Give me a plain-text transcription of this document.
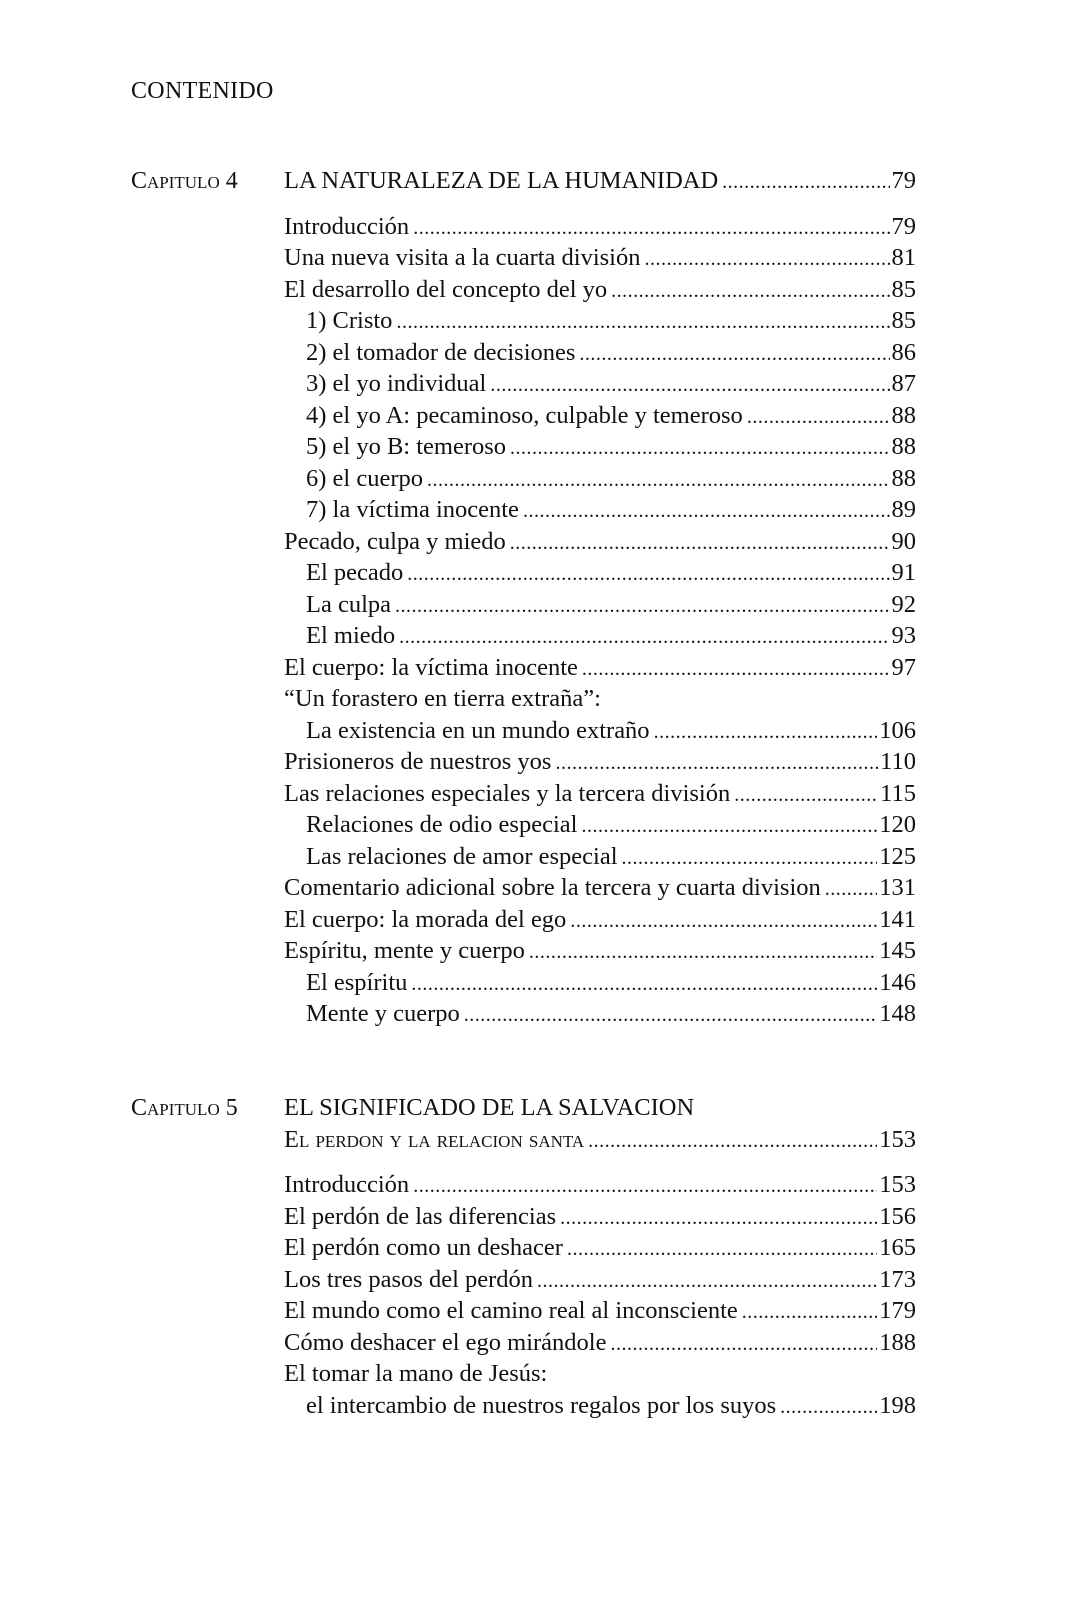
CONTENIDO
Capitulo 4 LA NATURALEZA DE LA HUMANIDAD .....	79
Introducción .....	79
Una nueva visita a la cuarta división .....	81
El desarrollo del concepto del yo .....	85
1) Cristo .....	85
2) el tomador de decisiones .....	86
3) el yo individual .....	87
4) el yo A: pecaminoso, culpable y temeroso .....	88
5) el yo B: temeroso .....	88
6) el cuerpo .....	88
7) la víctima inocente .....	89
Pecado, culpa y miedo .....	90
El pecado .....	91
La culpa .....	92
El miedo .....	93
El cuerpo: la víctima inocente .....	97
“Un forastero en tierra extraña”:
La existencia en un mundo extraño .....	106
Prisioneros de nuestros yos .....	110
Las relaciones especiales y la tercera división .....	115
Relaciones de odio especial .....	120
Las relaciones de amor especial .....	125
Comentario adicional sobre la tercera y cuarta division ..... 131
El cuerpo: la morada del ego .....	141
Espíritu, mente y cuerpo .....	145
El espíritu .....	146
Mente y cuerpo .....	148
Capitulo 5 EL SIGNIFICADO DE LA SALVACION
El perdon y la relacion santa .....	153
Introducción .....	153
El perdón de las diferencias .....	156
El perdón como un deshacer .....	165
Los tres pasos del perdón .....	173
El mundo como el camino real al inconsciente .....	179
Cómo deshacer el ego mirándole .....	188
El tomar la mano de Jesús:
el intercambio de nuestros regalos por los suyos .....	198
